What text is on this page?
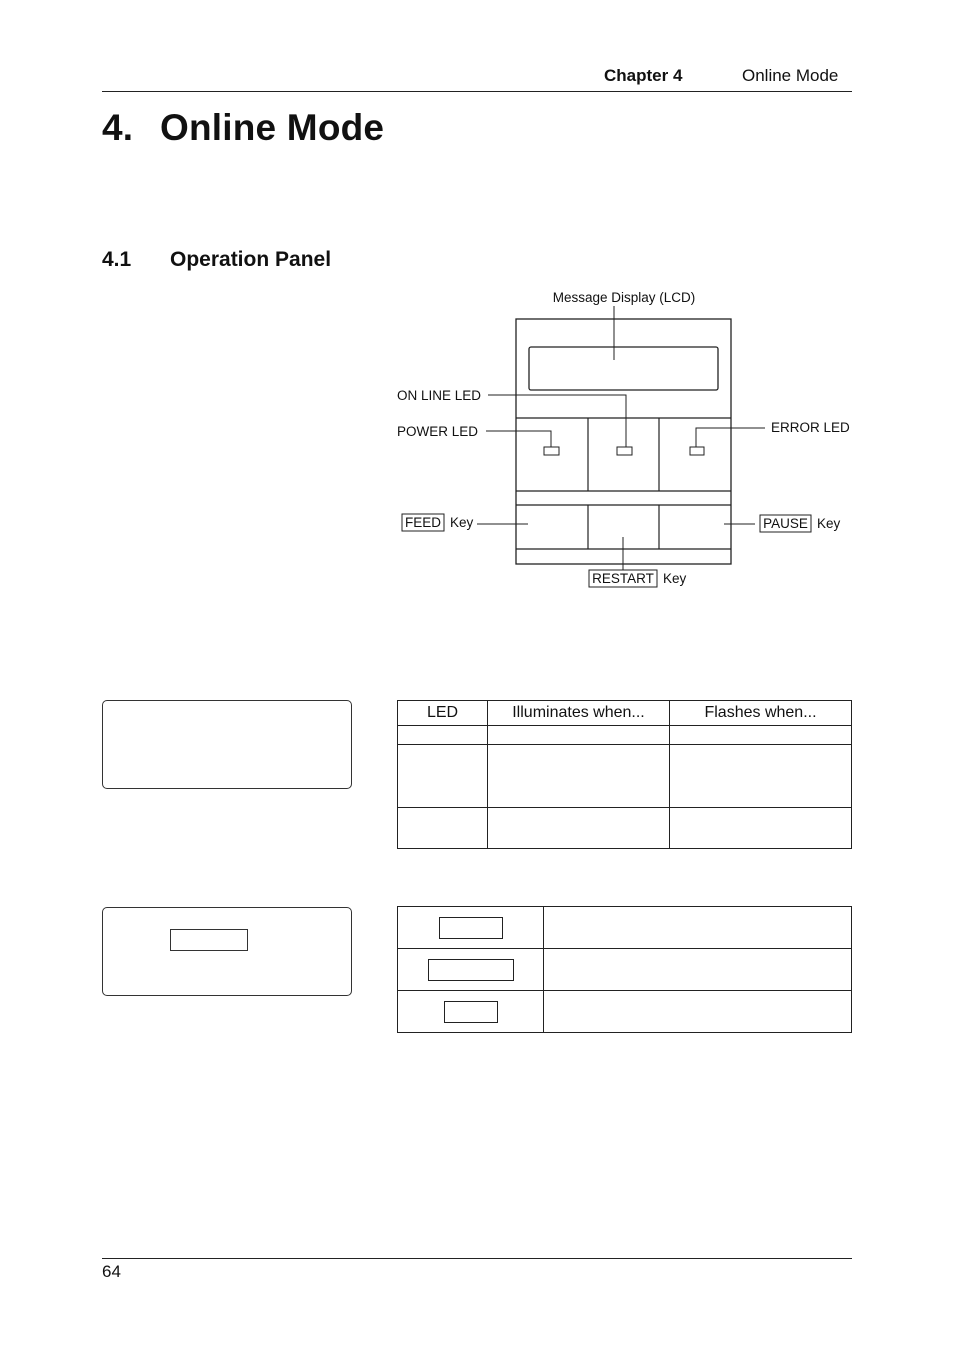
Chapter 4	Online Mode
4. Online Mode
4.1 Operation Panel
Message Display (LCD)
ON LINE LED
POWER LED	ERROR LED
FEED Key	PAUSE Key
RESTART Key
LED	Illuminates when...	Flashes when...

64
